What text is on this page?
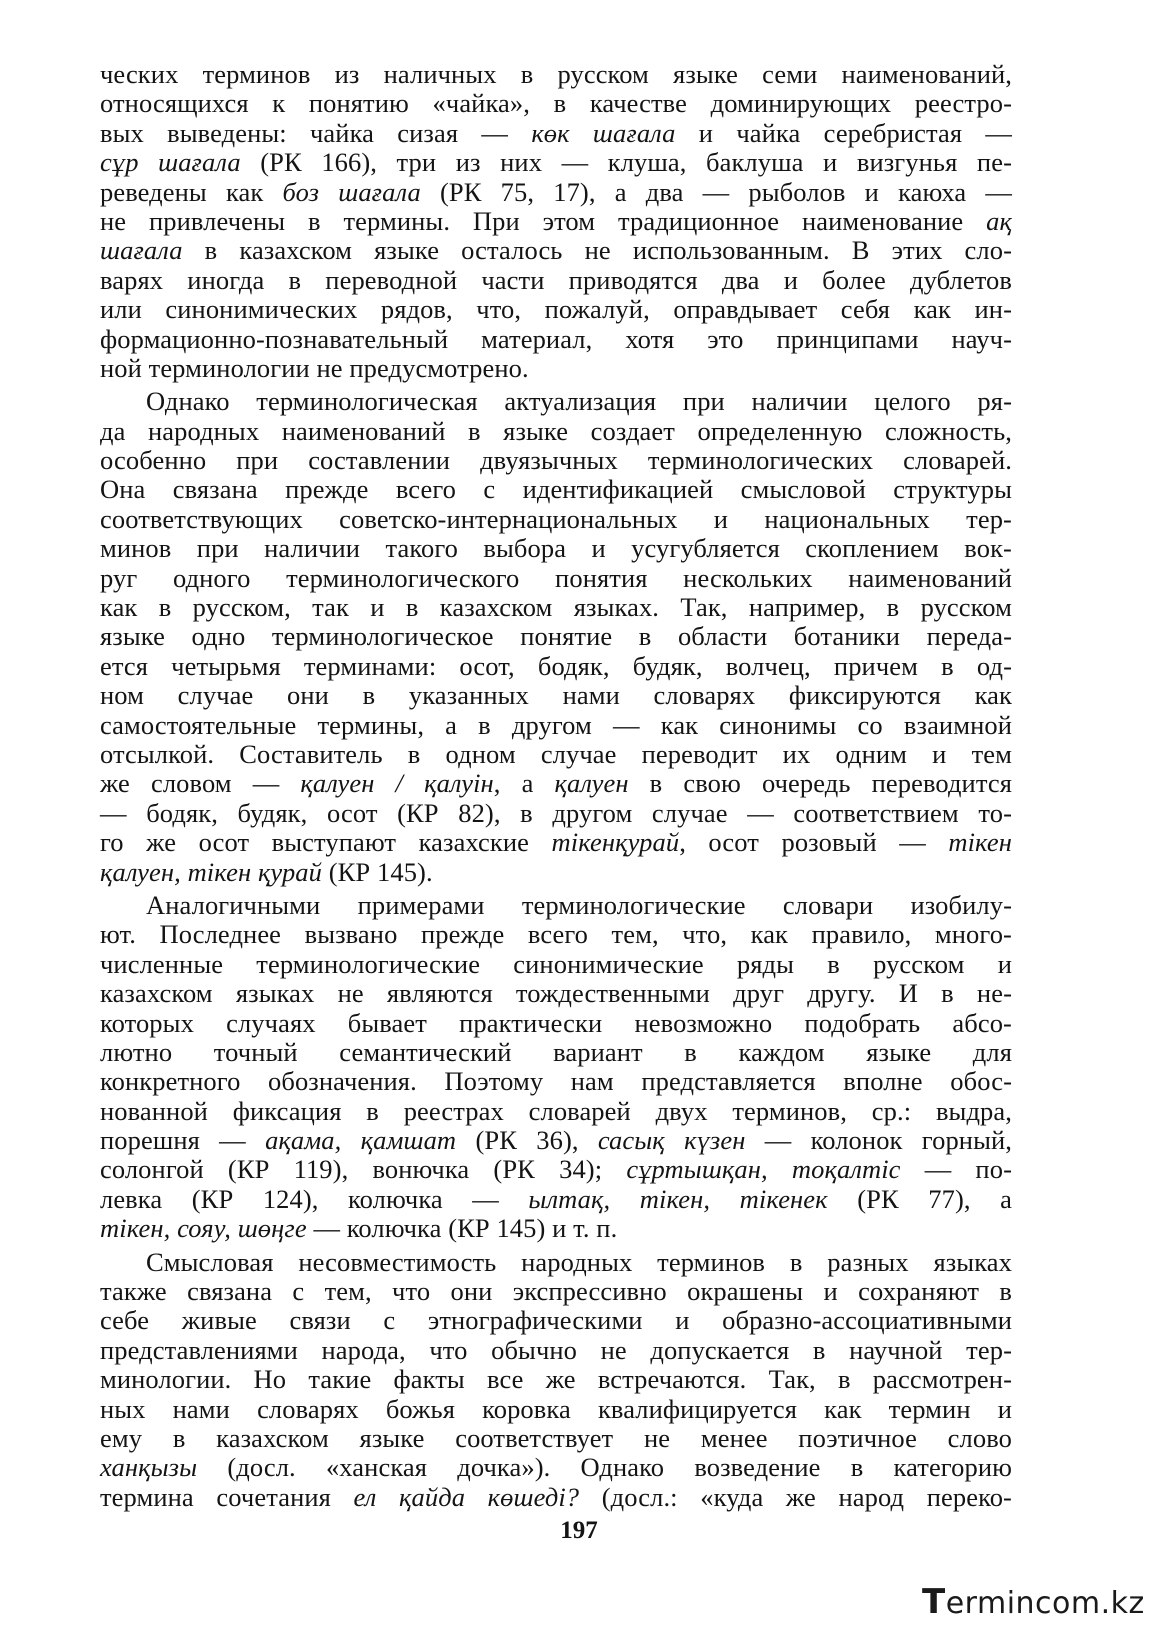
ческих терминов из наличных в русском языке семи наименований,
относящихся к понятию «чайка», в качестве доминирующих реестро-
вых выведены: чайка сизая — көк шағала и чайка серебристая —
сұр шағала (РК 166), три из них — клуша, баклуша и визгунья пе-
реведены как боз шағала (РК 75, 17), а два — рыболов и каюха —
не привлечены в термины. При этом традиционное наименование ақ
шағала в казахском языке осталось не использованным. В этих сло-
варях иногда в переводной части приводятся два и более дублетов
или синонимических рядов, что, пожалуй, оправдывает себя как ин-
формационно-познавательный материал, хотя это принципами науч-
ной терминологии не предусмотрено.
Однако терминологическая актуализация при наличии целого ря-
да народных наименований в языке создает определенную сложность,
особенно при составлении двуязычных терминологических словарей.
Она связана прежде всего с идентификацией смысловой структуры
соответствующих советско-интернациональных и национальных тер-
минов при наличии такого выбора и усугубляется скоплением вок-
руг одного терминологического понятия нескольких наименований
как в русском, так и в казахском языках. Так, например, в русском
языке одно терминологическое понятие в области ботаники переда-
ется четырьмя терминами: осот, бодяк, будяк, волчец, причем в од-
ном случае они в указанных нами словарях фиксируются как
самостоятельные термины, а в другом — как синонимы со взаимной
отсылкой. Составитель в одном случае переводит их одним и тем
же словом — қалуен / қалуін, а қалуен в свою очередь переводится
— бодяк, будяк, осот (КР 82), в другом случае — соответствием то-
го же осот выступают казахские тікенқурай, осот розовый — тікен
қалуен, тікен қурай (КР 145).
Аналогичными примерами терминологические словари изобилу-
ют. Последнее вызвано прежде всего тем, что, как правило, много-
численные терминологические синонимические ряды в русском и
казахском языках не являются тождественными друг другу. И в не-
которых случаях бывает практически невозможно подобрать абсо-
лютно точный семантический вариант в каждом языке для
конкретного обозначения. Поэтому нам представляется вполне обос-
нованной фиксация в реестрах словарей двух терминов, ср.: выдра,
порешня — ақама, қамшат (РК 36), сасық күзен — колонок горный,
солонгой (КР 119), вонючка (РК 34); сұртышқан, тоқалтіс — по-
левка (КР 124), колючка — ылтақ, тікен, тікенек (РК 77), а
тікен, сояу, шөңге — колючка (КР 145) и т. п.
Смысловая несовместимость народных терминов в разных языках
также связана с тем, что они экспрессивно окрашены и сохраняют в
себе живые связи с этнографическими и образно-ассоциативными
представлениями народа, что обычно не допускается в научной тер-
минологии. Но такие факты все же встречаются. Так, в рассмотрен-
ных нами словарях божья коровка квалифицируется как термин и
ему в казахском языке соответствует не менее поэтичное слово
ханқызы (досл. «ханская дочка»). Однако возведение в категорию
термина сочетания ел қайда көшеді? (досл.: «куда же народ переко-
197
Termincоm.kz
